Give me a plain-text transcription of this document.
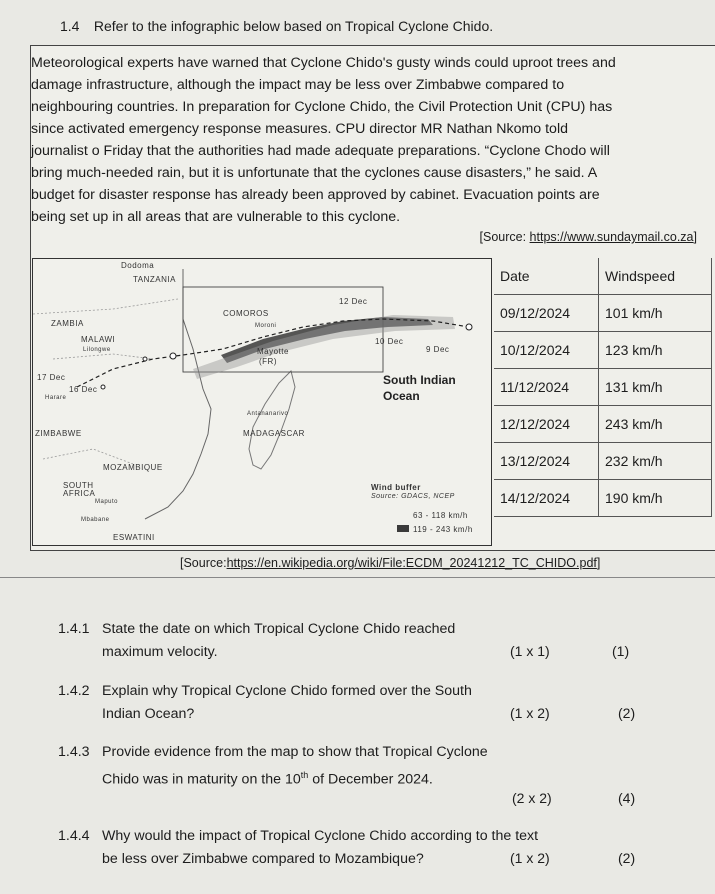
1.4 Refer to the infographic below based on Tropical Cyclone Chido.
Meteorological experts have warned that Cyclone Chido's gusty winds could uproot trees and
damage infrastructure, although the impact may be less over Zimbabwe compared to
neighbouring countries. In preparation for Cyclone Chido, the Civil Protection Unit (CPU) has
since activated emergency response measures. CPU director MR Nathan Nkomo told
journalist o Friday that the authorities had made adequate preparations. “Cyclone Chodo will
bring much-needed rain, but it is unfortunate that the cyclones cause disasters,” he said. A
budget for disaster response has already been approved by cabinet. Evacuation points are
being set up in all areas that are vulnerable to this cyclone.
[Source: https://www.sundaymail.co.za]
Dodoma
TANZANIA
ZAMBIA
COMOROS
Moroni
12 Dec
MALAWI
Lilongwe
10 Dec
9 Dec
Mayotte
(FR)
17 Dec
16 Dec
Harare
South Indian
Ocean
Antananarivo
ZIMBABWE	MADAGASCAR
MOZAMBIQUE
SOUTH
AFRICA
Maputo
Mbabane
ESWATINI
Wind buffer
Source: GDACS, NCEP
63 - 118 km/h
119 - 243 km/h
Date	Windspeed
09/12/2024	101 km/h
10/12/2024	123 km/h
11/12/2024	131 km/h
12/12/2024	243 km/h
13/12/2024	232 km/h
14/12/2024	190 km/h
[Source:https://en.wikipedia.org/wiki/File:ECDM_20241212_TC_CHIDO.pdf]
1.4.1 State the date on which Tropical Cyclone Chido reached
maximum velocity.	(1 x 1)	(1)
1.4.2 Explain why Tropical Cyclone Chido formed over the South
Indian Ocean?	(1 x 2)	(2)
1.4.3 Provide evidence from the map to show that Tropical Cyclone
Chido was in maturity on the 10th of December 2024.
(2 x 2)	(4)
1.4.4 Why would the impact of Tropical Cyclone Chido according to the text
be less over Zimbabwe compared to Mozambique?	(1 x 2)	(2)
